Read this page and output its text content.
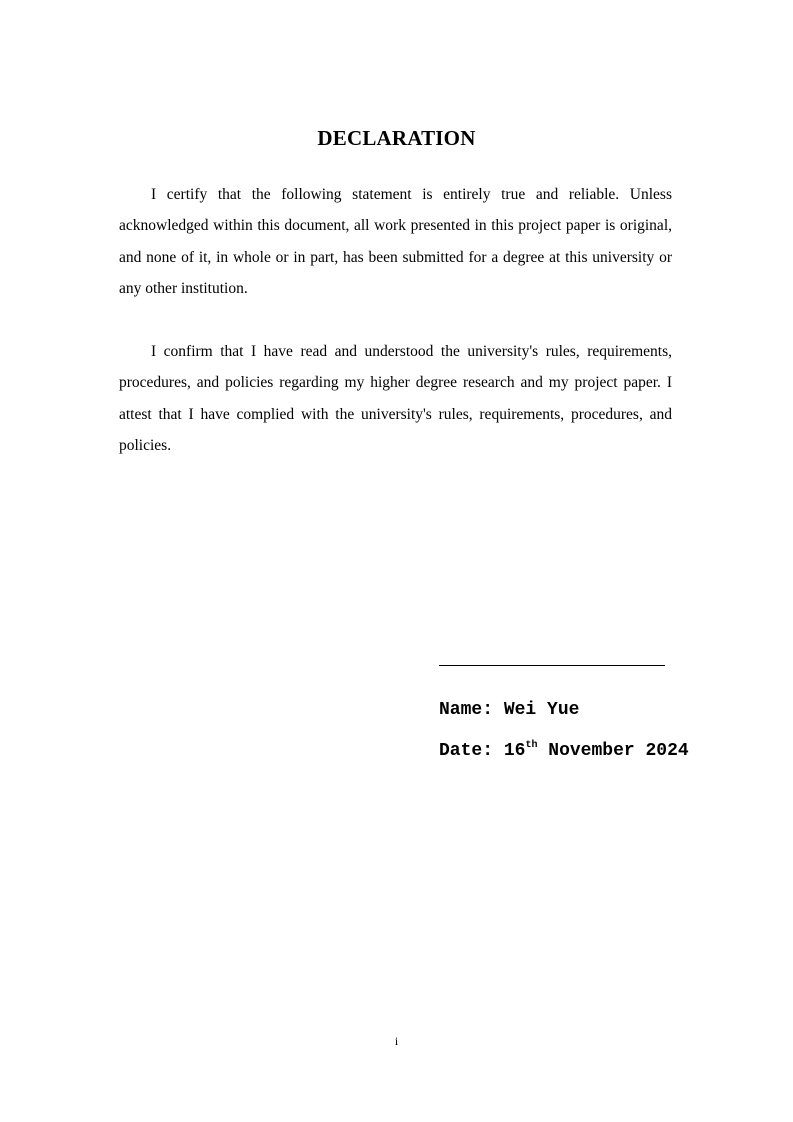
DECLARATION

I certify that the following statement is entirely true and reliable. Unless acknowledged within this document, all work presented in this project paper is original, and none of it, in whole or in part, has been submitted for a degree at this university or any other institution.

I confirm that I have read and understood the university's rules, requirements, procedures, and policies regarding my higher degree research and my project paper. I attest that I have complied with the university's rules, requirements, procedures, and policies.

Name: Wei Yue
Date: 16th November 2024
i
